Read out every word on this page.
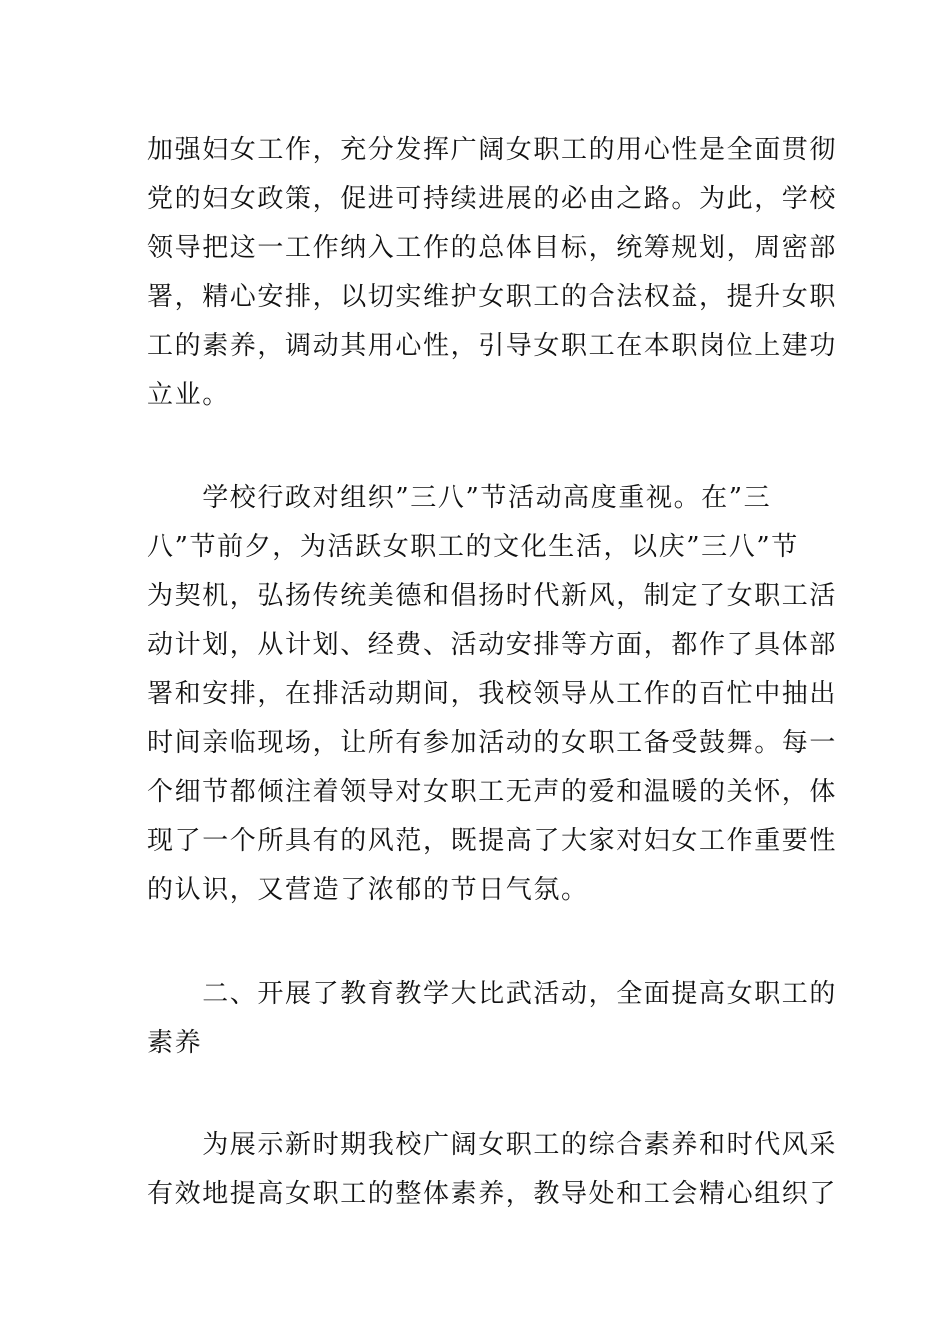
加强妇女工作，充分发挥广阔女职工的用心性是全面贯彻
党的妇女政策，促进可持续进展的必由之路。为此，学校
领导把这一工作纳入工作的总体目标，统筹规划，周密部
署，精心安排，以切实维护女职工的合法权益，提升女职
工的素养，调动其用心性，引导女职工在本职岗位上建功
立业。
　　学校行政对组织”三八”节活动高度重视。在”三
八”节前夕，为活跃女职工的文化生活，以庆”三八”节
为契机，弘扬传统美德和倡扬时代新风，制定了女职工活
动计划，从计划、经费、活动安排等方面，都作了具体部
署和安排，在排活动期间，我校领导从工作的百忙中抽出
时间亲临现场，让所有参加活动的女职工备受鼓舞。每一
个细节都倾注着领导对女职工无声的爱和温暖的关怀，体
现了一个所具有的风范，既提高了大家对妇女工作重要性
的认识，又营造了浓郁的节日气氛。
　　二、开展了教育教学大比武活动，全面提高女职工的
素养
　　为展示新时期我校广阔女职工的综合素养和时代风采
有效地提高女职工的整体素养，教导处和工会精心组织了
